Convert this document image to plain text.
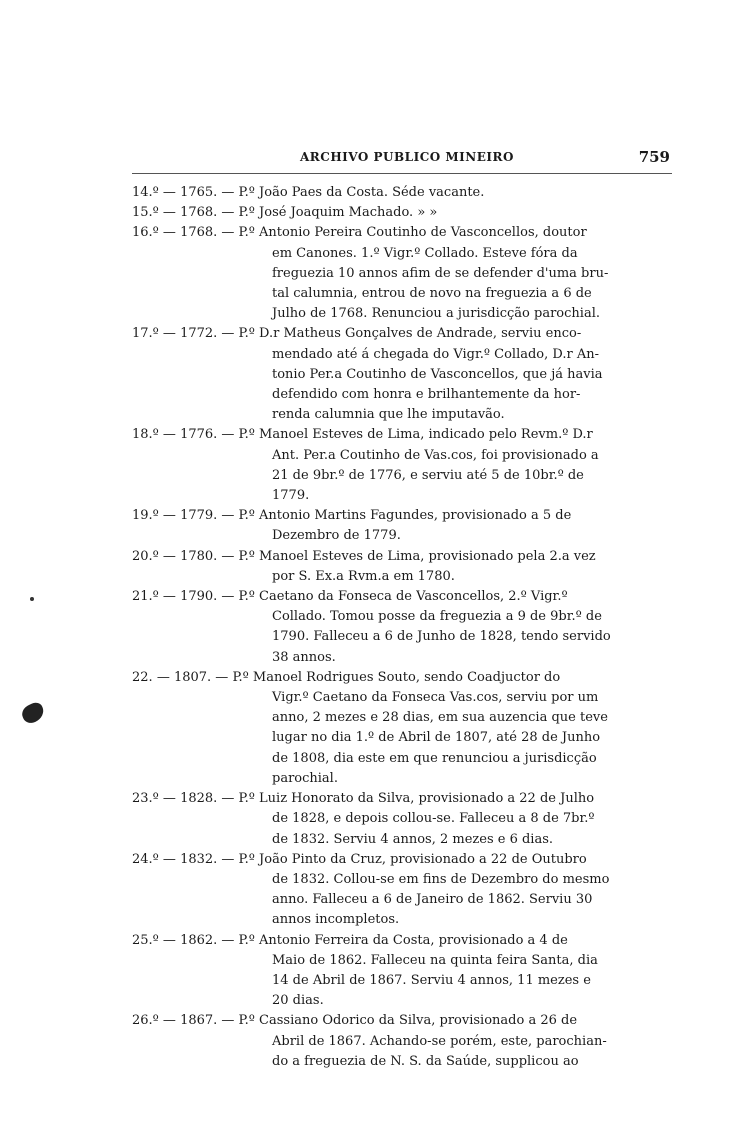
ARCHIVO PUBLICO MINEIRO	759
14.º — 1765. — P.º João Paes da Costa. Séde vacante.
15.º — 1768. — P.º José Joaquim Machado. » »
16.º — 1768. — P.º Antonio Pereira Coutinho de Vasconcellos, doutor
em Canones. 1.º Vigr.º Collado. Esteve fóra da
freguezia 10 annos afim de se defender d'uma bru-
tal calumnia, entrou de novo na freguezia a 6 de
Julho de 1768. Renunciou a jurisdicção parochial.
17.º — 1772. — P.º D.r Matheus Gonçalves de Andrade, serviu enco-
mendado até á chegada do Vigr.º Collado, D.r An-
tonio Per.a Coutinho de Vasconcellos, que já havia
defendido com honra e brilhantemente da hor-
renda calumnia que lhe imputavão.
18.º — 1776. — P.º Manoel Esteves de Lima, indicado pelo Revm.º D.r
Ant. Per.a Coutinho de Vas.cos, foi provisionado a
21 de 9br.º de 1776, e serviu até 5 de 10br.º de
1779.
19.º — 1779. — P.º Antonio Martins Fagundes, provisionado a 5 de
Dezembro de 1779.
20.º — 1780. — P.º Manoel Esteves de Lima, provisionado pela 2.a vez
por S. Ex.a Rvm.a em 1780.
21.º — 1790. — P.º Caetano da Fonseca de Vasconcellos, 2.º Vigr.º
Collado. Tomou posse da freguezia a 9 de 9br.º de
1790. Falleceu a 6 de Junho de 1828, tendo servido
38 annos.
22. — 1807. — P.º Manoel Rodrigues Souto, sendo Coadjuctor do
Vigr.º Caetano da Fonseca Vas.cos, serviu por um
anno, 2 mezes e 28 dias, em sua auzencia que teve
lugar no dia 1.º de Abril de 1807, até 28 de Junho
de 1808, dia este em que renunciou a jurisdicção
parochial.
23.º — 1828. — P.º Luiz Honorato da Silva, provisionado a 22 de Julho
de 1828, e depois collou-se. Falleceu a 8 de 7br.º
de 1832. Serviu 4 annos, 2 mezes e 6 dias.
24.º — 1832. — P.º João Pinto da Cruz, provisionado a 22 de Outubro
de 1832. Collou-se em fins de Dezembro do mesmo
anno. Falleceu a 6 de Janeiro de 1862. Serviu 30
annos incompletos.
25.º — 1862. — P.º Antonio Ferreira da Costa, provisionado a 4 de
Maio de 1862. Falleceu na quinta feira Santa, dia
14 de Abril de 1867. Serviu 4 annos, 11 mezes e
20 dias.
26.º — 1867. — P.º Cassiano Odorico da Silva, provisionado a 26 de
Abril de 1867. Achando-se porém, este, parochian-
do a freguezia de N. S. da Saúde, supplicou ao
